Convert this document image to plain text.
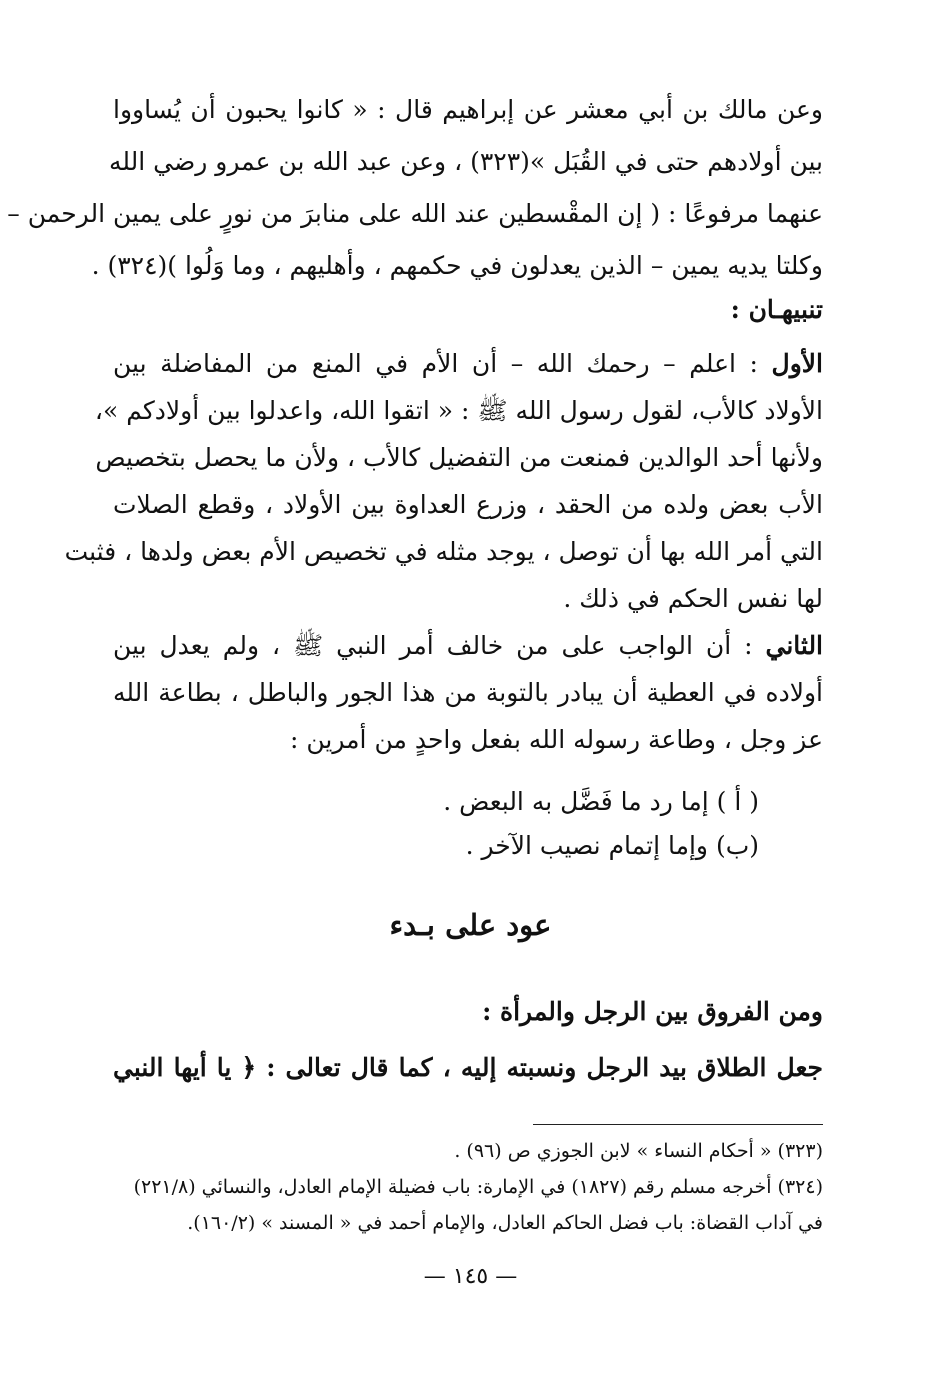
وعن مالك بن أبي معشر عن إبراهيم قال : « كانوا يحبون أن يُساووا
بين أولادهم حتى في القُبَل »(٣٢٣) ، وعن عبد الله بن عمرو رضي الله
عنهما مرفوعًا : ( إن المقْسطين عند الله على منابرَ من نورٍ على يمين الرحمن –
وكلتا يديه يمين – الذين يعدلون في حكمهم ، وأهليهم ، وما وَلُوا )(٣٢٤) .
تنبيهـان :
الأول : اعلم – رحمك الله – أن الأم في المنع من المفاضلة بين
الأولاد كالأب، لقول رسول الله ﷺ : « اتقوا الله، واعدلوا بين أولادكم »،
ولأنها أحد الوالدين فمنعت من التفضيل كالأب ، ولأن ما يحصل بتخصيص
الأب بعض ولده من الحقد ، وزرع العداوة بين الأولاد ، وقطع الصلات
التي أمر الله بها أن توصل ، يوجد مثله في تخصيص الأم بعض ولدها ، فثبت
لها نفس الحكم في ذلك .
الثاني : أن الواجب على من خالف أمر النبي ﷺ ، ولم يعدل بين
أولاده في العطية أن يبادر بالتوبة من هذا الجور والباطل ، بطاعة الله
عز وجل ، وطاعة رسوله الله بفعل واحدٍ من أمرين :
( أ ) إما رد ما فَضَّل به البعض .
(ب) وإما إتمام نصيب الآخر .
عود على بـدء
ومن الفروق بين الرجل والمرأة :
جعل الطلاق بيد الرجل ونسبته إليه ، كما قال تعالى : ﴿ يا أيها النبي
(٣٢٣) « أحكام النساء » لابن الجوزي ص (٩٦) .
(٣٢٤) أخرجه مسلم رقم (١٨٢٧) في الإمارة: باب فضيلة الإمام العادل، والنسائي (٢٢١/٨)
في آداب القضاة: باب فضل الحاكم العادل، والإمام أحمد في « المسند » (١٦٠/٢).
— ١٤٥ —
